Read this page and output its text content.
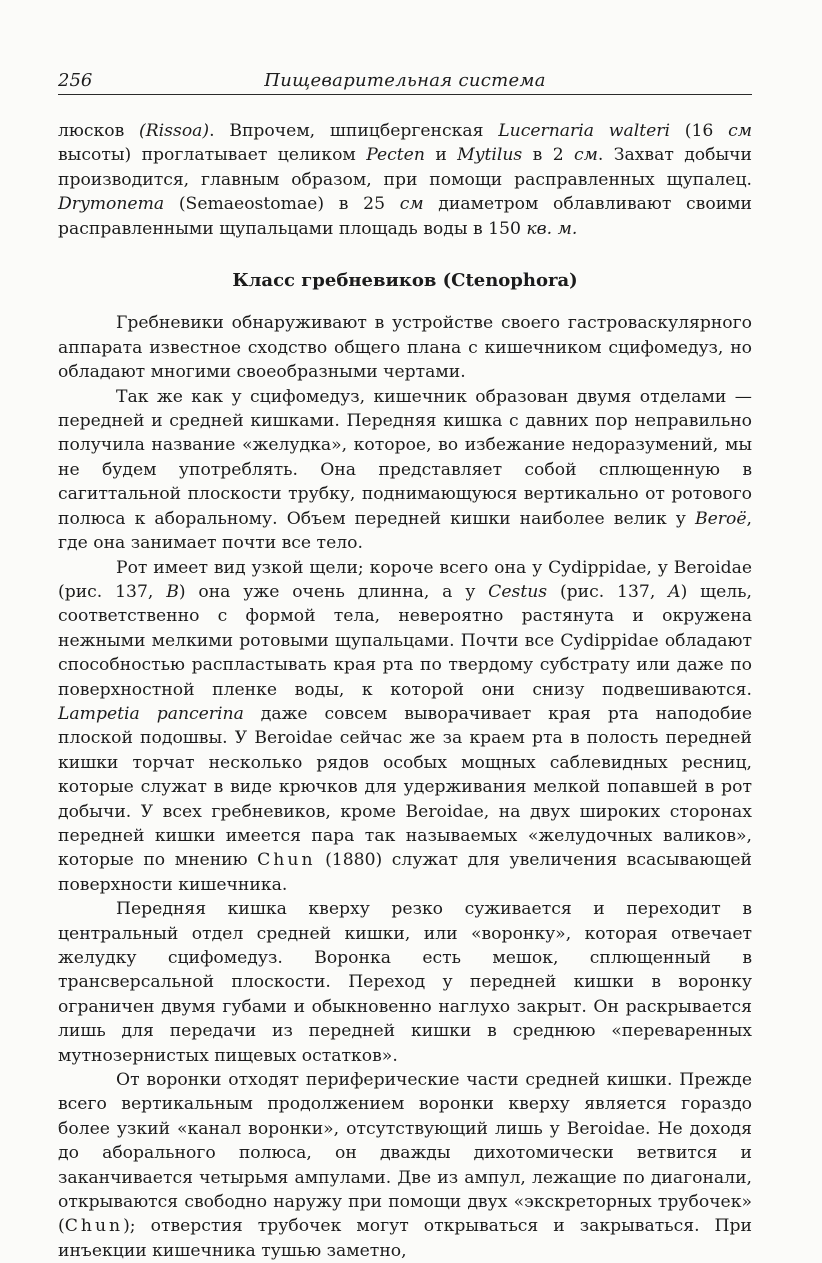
256	Пищеварительная система

люсков (Rissoa). Впрочем, шпицбергенская Lucernaria walteri (16 см высоты) проглатывает целиком Pecten и Mytilus в 2 см. Захват добычи производится, главным образом, при помощи расправленных щупалец. Drymonema (Semaeostomae) в 25 см диаметром облавливают своими расправленными щупальцами площадь воды в 150 кв. м.

Класс гребневиков (Ctenophora)

Гребневики обнаруживают в устройстве своего гастроваскулярного аппарата известное сходство общего плана с кишечником сцифомедуз, но обладают многими своеобразными чертами.

Так же как у сцифомедуз, кишечник образован двумя отделами — передней и средней кишками. Передняя кишка с давних пор неправильно получила название «желудка», которое, во избежание недоразумений, мы не будем употреблять. Она представляет собой сплющенную в сагиттальной плоскости трубку, поднимающуюся вертикально от ротового полюса к аборальному. Объем передней кишки наиболее велик у Beroë, где она занимает почти все тело.

Рот имеет вид узкой щели; короче всего она у Cydippidae, у Beroidae (рис. 137, B) она уже очень длинна, а у Cestus (рис. 137, A) щель, соответственно с формой тела, невероятно растянута и окружена нежными мелкими ротовыми щупальцами. Почти все Cydippidae обладают способностью распластывать края рта по твердому субстрату или даже по поверхностной пленке воды, к которой они снизу подвешиваются. Lampetia pancerina даже совсем выворачивает края рта наподобие плоской подошвы. У Beroidae сейчас же за краем рта в полость передней кишки торчат несколько рядов особых мощных саблевидных ресниц, которые служат в виде крючков для удерживания мелкой попавшей в рот добычи. У всех гребневиков, кроме Beroidae, на двух широких сторонах передней кишки имеется пара так называемых «желудочных валиков», которые по мнению Chun (1880) служат для увеличения всасывающей поверхности кишечника.

Передняя кишка кверху резко суживается и переходит в центральный отдел средней кишки, или «воронку», которая отвечает желудку сцифомедуз. Воронка есть мешок, сплющенный в трансверсальной плоскости. Переход у передней кишки в воронку ограничен двумя губами и обыкновенно наглухо закрыт. Он раскрывается лишь для передачи из передней кишки в среднюю «переваренных мутнозернистых пищевых остатков».

От воронки отходят периферические части средней кишки. Прежде всего вертикальным продолжением воронки кверху является гораздо более узкий «канал воронки», отсутствующий лишь у Beroidae. Не доходя до аборального полюса, он дважды дихотомически ветвится и заканчивается четырьмя ампулами. Две из ампул, лежащие по диагонали, открываются свободно наружу при помощи двух «экскреторных трубочек» (Chun); отверстия трубочек могут открываться и закрываться. При инъекции кишечника тушью заметно,
